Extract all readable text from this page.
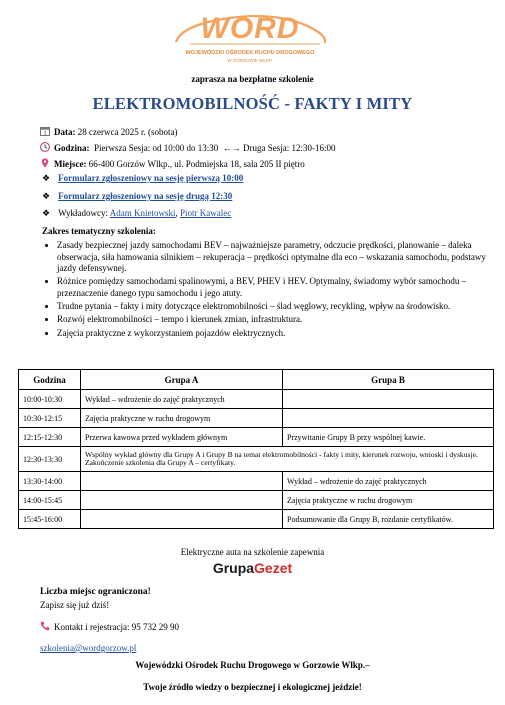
WORD
WOJEWÓDZKI OŚRODEK RUCHU DROGOWEGO
W GORZOWIE WLKP.
zaprasza na bezpłatne szkolenie
ELEKTROMOBILNOŚĆ - FAKTY I MITY
1 Data: 28 czerwca 2025 r. (sobota)
Godzina: Pierwsza Sesja: od 10:00 do 13:30 ←→ Druga Sesja: 12:30-16:00
Miejsce: 66-400 Gorzów Wlkp., ul. Podmiejska 18, sala 205 II piętro
❖ Formularz zgłoszeniowy na sesję pierwszą 10:00
❖ Formularz zgłoszeniowy na sesję drugą 12:30
❖ Wykładowcy: Adam Knietowski, Piotr Kawalec
Zakres tematyczny szkolenia:
• Zasady bezpiecznej jazdy samochodami BEV – najważniejsze parametry, odczucie prędkości, planowanie – daleka obserwacja, siła hamowania silnikiem – rekuperacja – prędkości optymalne dla eco – wskazania samochodu, podstawy jazdy defensywnej.
• Różnice pomiędzy samochodami spalinowymi, a BEV, PHEV i HEV. Optymalny, świadomy wybór samochodu – przeznaczenie danego typu samochodu i jego atuty.
• Trudne pytania – fakty i mity dotyczące elektromobilności – ślad węglowy, recykling, wpływ na środowisko.
• Rozwój elektromobilności – tempo i kierunek zmian, infrastruktura.
• Zajęcia praktyczne z wykorzystaniem pojazdów elektrycznych.
Godzina	Grupa A	Grupa B
10:00-10:30	Wykład – wdrożenie do zajęć praktycznych	
10:30-12:15	Zajęcia praktyczne w ruchu drogowym	
12:15-12:30	Przerwa kawowa przed wykładem głównym	Przywitanie Grupy B przy wspólnej kawie.
12:30-13:30	Wspólny wykład główny dla Grupy A i Grupy B na temat elektromobilności - fakty i mity, kierunek rozwoju, wnioski i dyskusje. Zakończenie szkolenia dla Grupy A – certyfikaty.	
13:30-14:00		Wykład – wdrożenie do zajęć praktycznych
14:00-15:45		Zajęcia praktyczne w ruchu drogowym
15:45-16:00		Podsumowanie dla Grupy B, rozdanie certyfikatów.
Elektryczne auta na szkolenie zapewnia
GrupaGezet
Liczba miejsc ograniczona!
Zapisz się już dziś!
Kontakt i rejestracja: 95 732 29 90
szkolenia@wordgorzow.pl
Wojewódzki Ośrodek Ruchu Drogowego w Gorzowie Wlkp.–
Twoje źródło wiedzy o bezpiecznej i ekologicznej jeździe!
